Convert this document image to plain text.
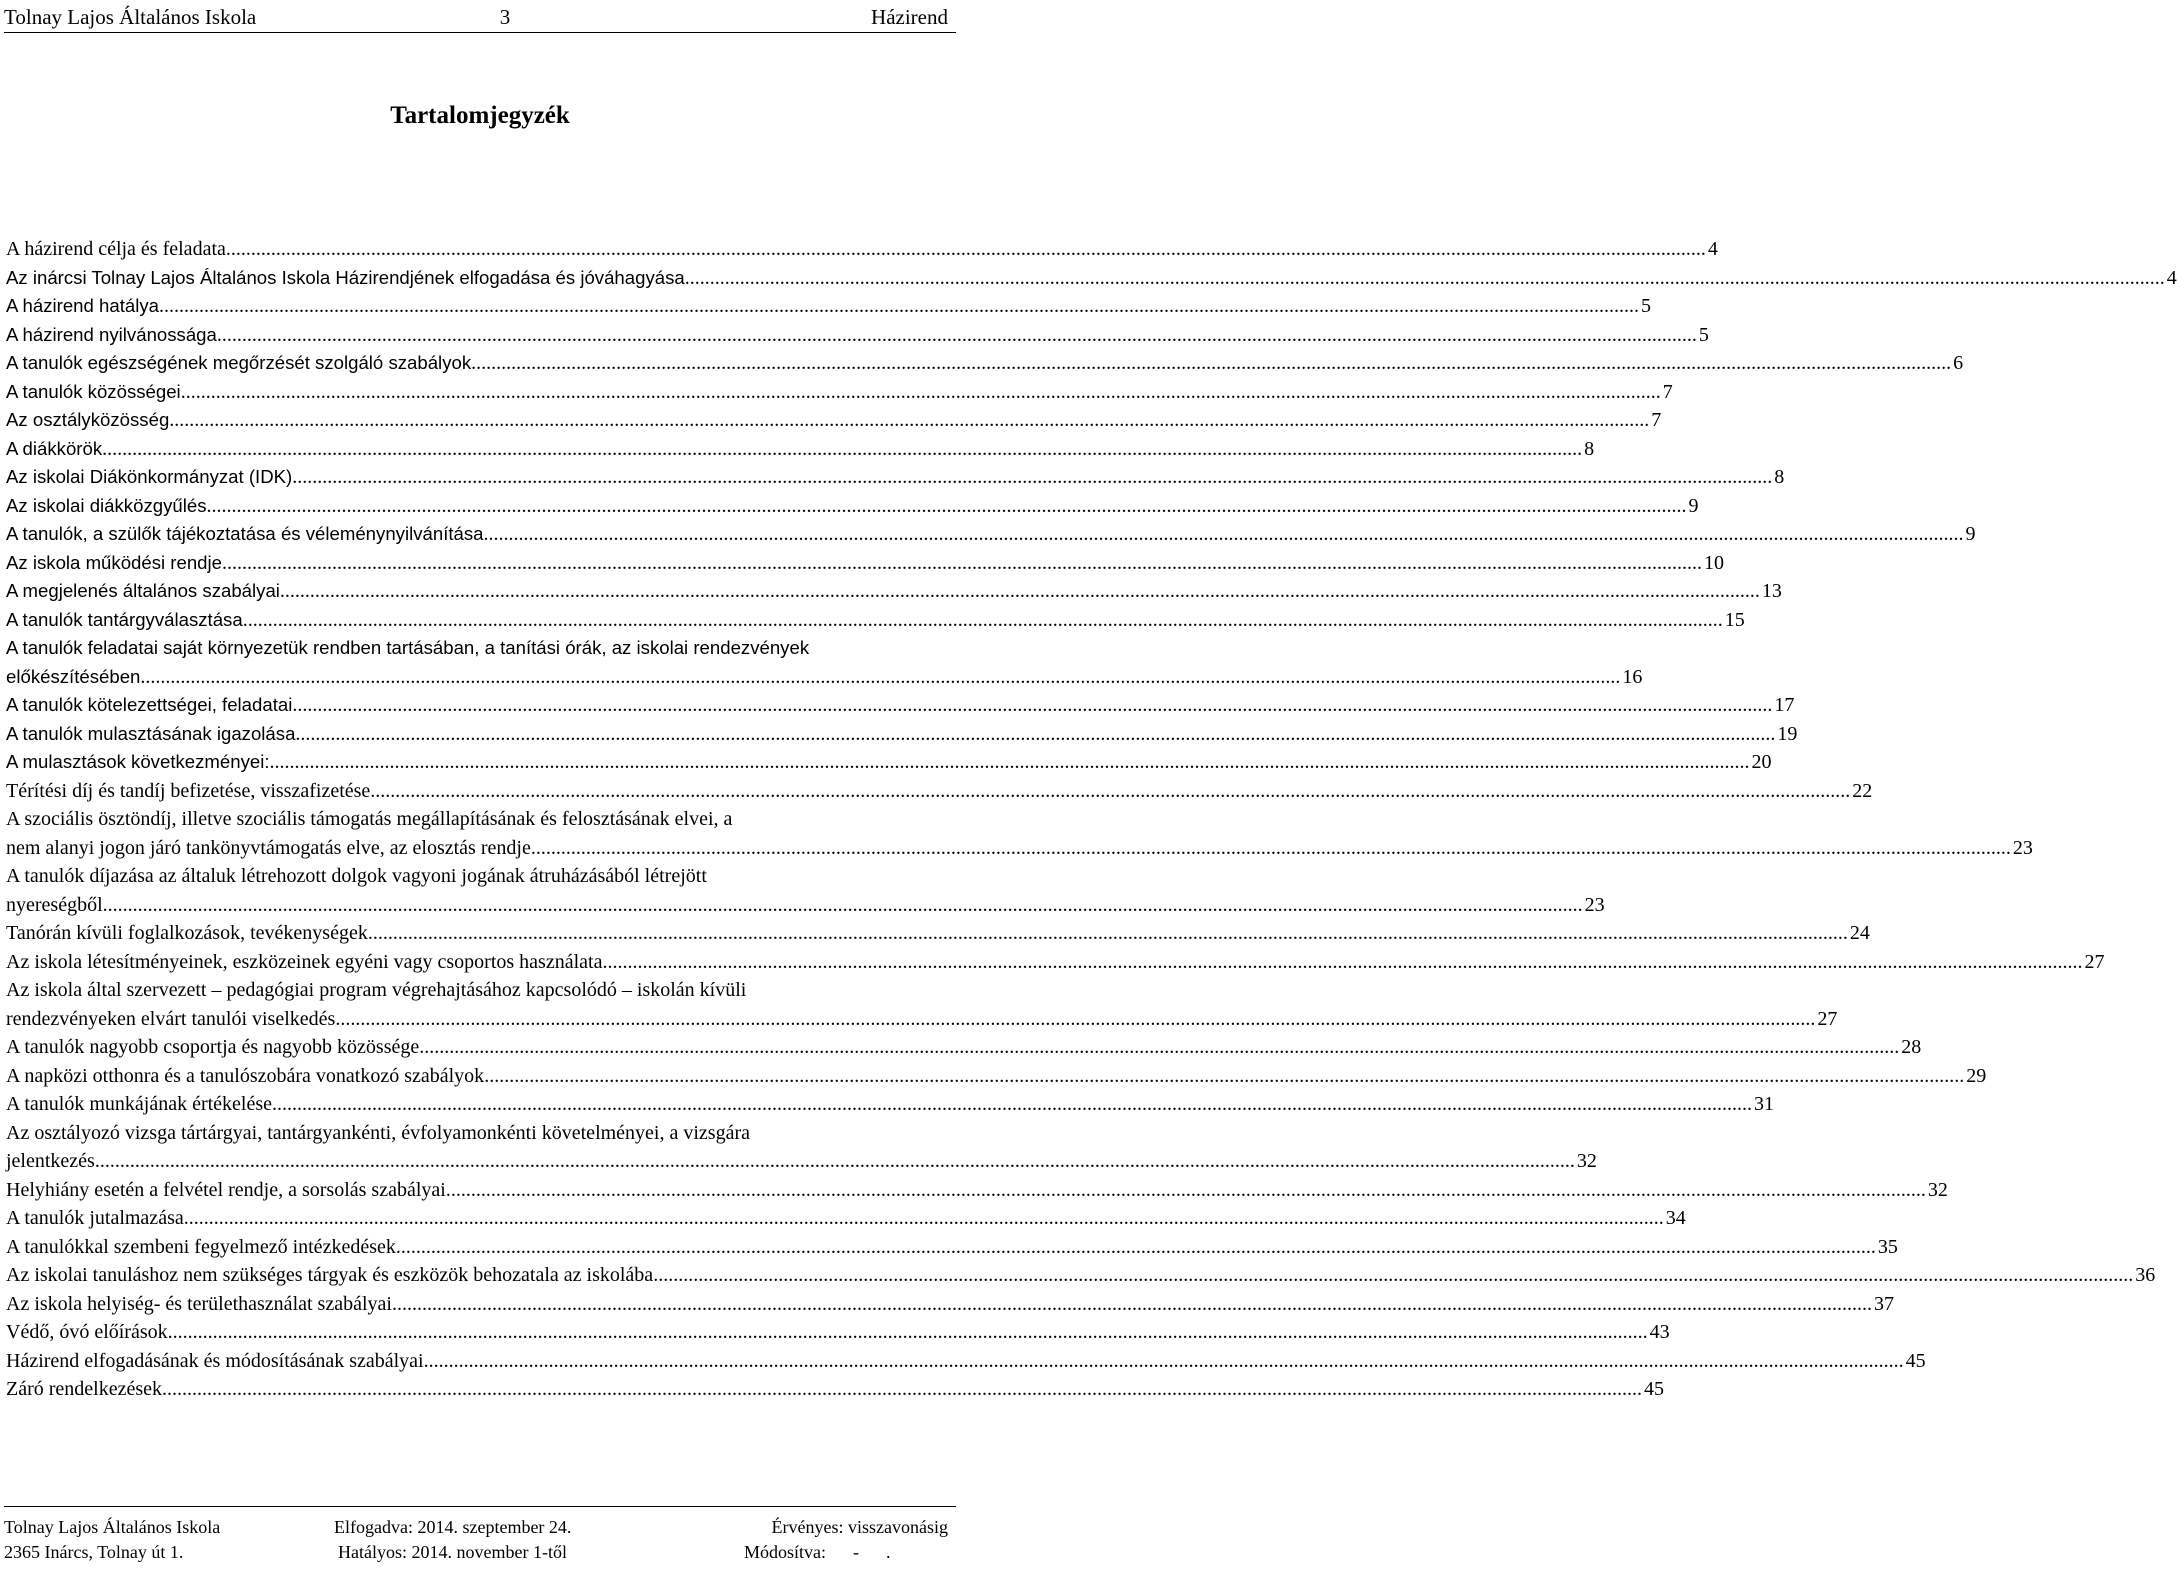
Tolnay Lajos Általános Iskola	3	Házirend
Tartalomjegyzék
A házirend célja és feladata .....	4
Az inárcsi Tolnay Lajos Általános Iskola Házirendjének elfogadása és jóváhagyása .....	4
A házirend hatálya .....	5
A házirend nyilvánossága .....	5
A tanulók egészségének megőrzését szolgáló szabályok .....	6
A tanulók közösségei .....	7
Az osztályközösség .....	7
A diákkörök .....	8
Az iskolai Diákönkormányzat (IDK) .....	8
Az iskolai diákközgyűlés .....	9
A tanulók, a szülők tájékoztatása és véleménynyilvánítása .....	9
Az iskola működési rendje .....	10
A megjelenés általános szabályai .....	13
A tanulók tantárgyválasztása .....	15
A tanulók feladatai saját környezetük rendben tartásában, a tanítási órák, az iskolai rendezvények
előkészítésében .....	16
A tanulók kötelezettségei, feladatai .....	17
A tanulók mulasztásának igazolása .....	19
A mulasztások következményei: .....	20
Térítési díj és tandíj befizetése, visszafizetése .....	22
A szociális ösztöndíj, illetve szociális támogatás megállapításának és felosztásának elvei, a
nem alanyi jogon járó tankönyvtámogatás elve, az elosztás rendje .....	23
A tanulók díjazása az általuk létrehozott dolgok vagyoni jogának átruházásából létrejött
nyereségből .....	23
Tanórán kívüli foglalkozások, tevékenységek .....	24
Az iskola létesítményeinek, eszközeinek egyéni vagy csoportos használata .....	27
Az iskola által szervezett – pedagógiai program végrehajtásához kapcsolódó – iskolán kívüli
rendezvényeken elvárt tanulói viselkedés .....	27
A tanulók nagyobb csoportja és nagyobb közössége .....	28
A napközi otthonra és a tanulószobára vonatkozó szabályok .....	29
A tanulók munkájának értékelése .....	31
Az osztályozó vizsga tártárgyai, tantárgyankénti, évfolyamonkénti követelményei, a vizsgára
jelentkezés .....	32
Helyhiány esetén a felvétel rendje, a sorsolás szabályai .....	32
A tanulók jutalmazása .....	34
A tanulókkal szembeni fegyelmező intézkedések .....	35
Az iskolai tanuláshoz nem szükséges tárgyak és eszközök behozatala az iskolába .....	36
Az iskola helyiség- és területhasználat szabályai .....	37
Védő, óvó előírások .....	43
Házirend elfogadásának és módosításának szabályai .....	45
Záró rendelkezések .....	45
Tolnay Lajos Általános Iskola
2365 Inárcs, Tolnay út 1.
Elfogadva: 2014. szeptember 24.
Hatályos: 2014. november 1-től
Érvényes: visszavonásig
Módosítva:      -      .
